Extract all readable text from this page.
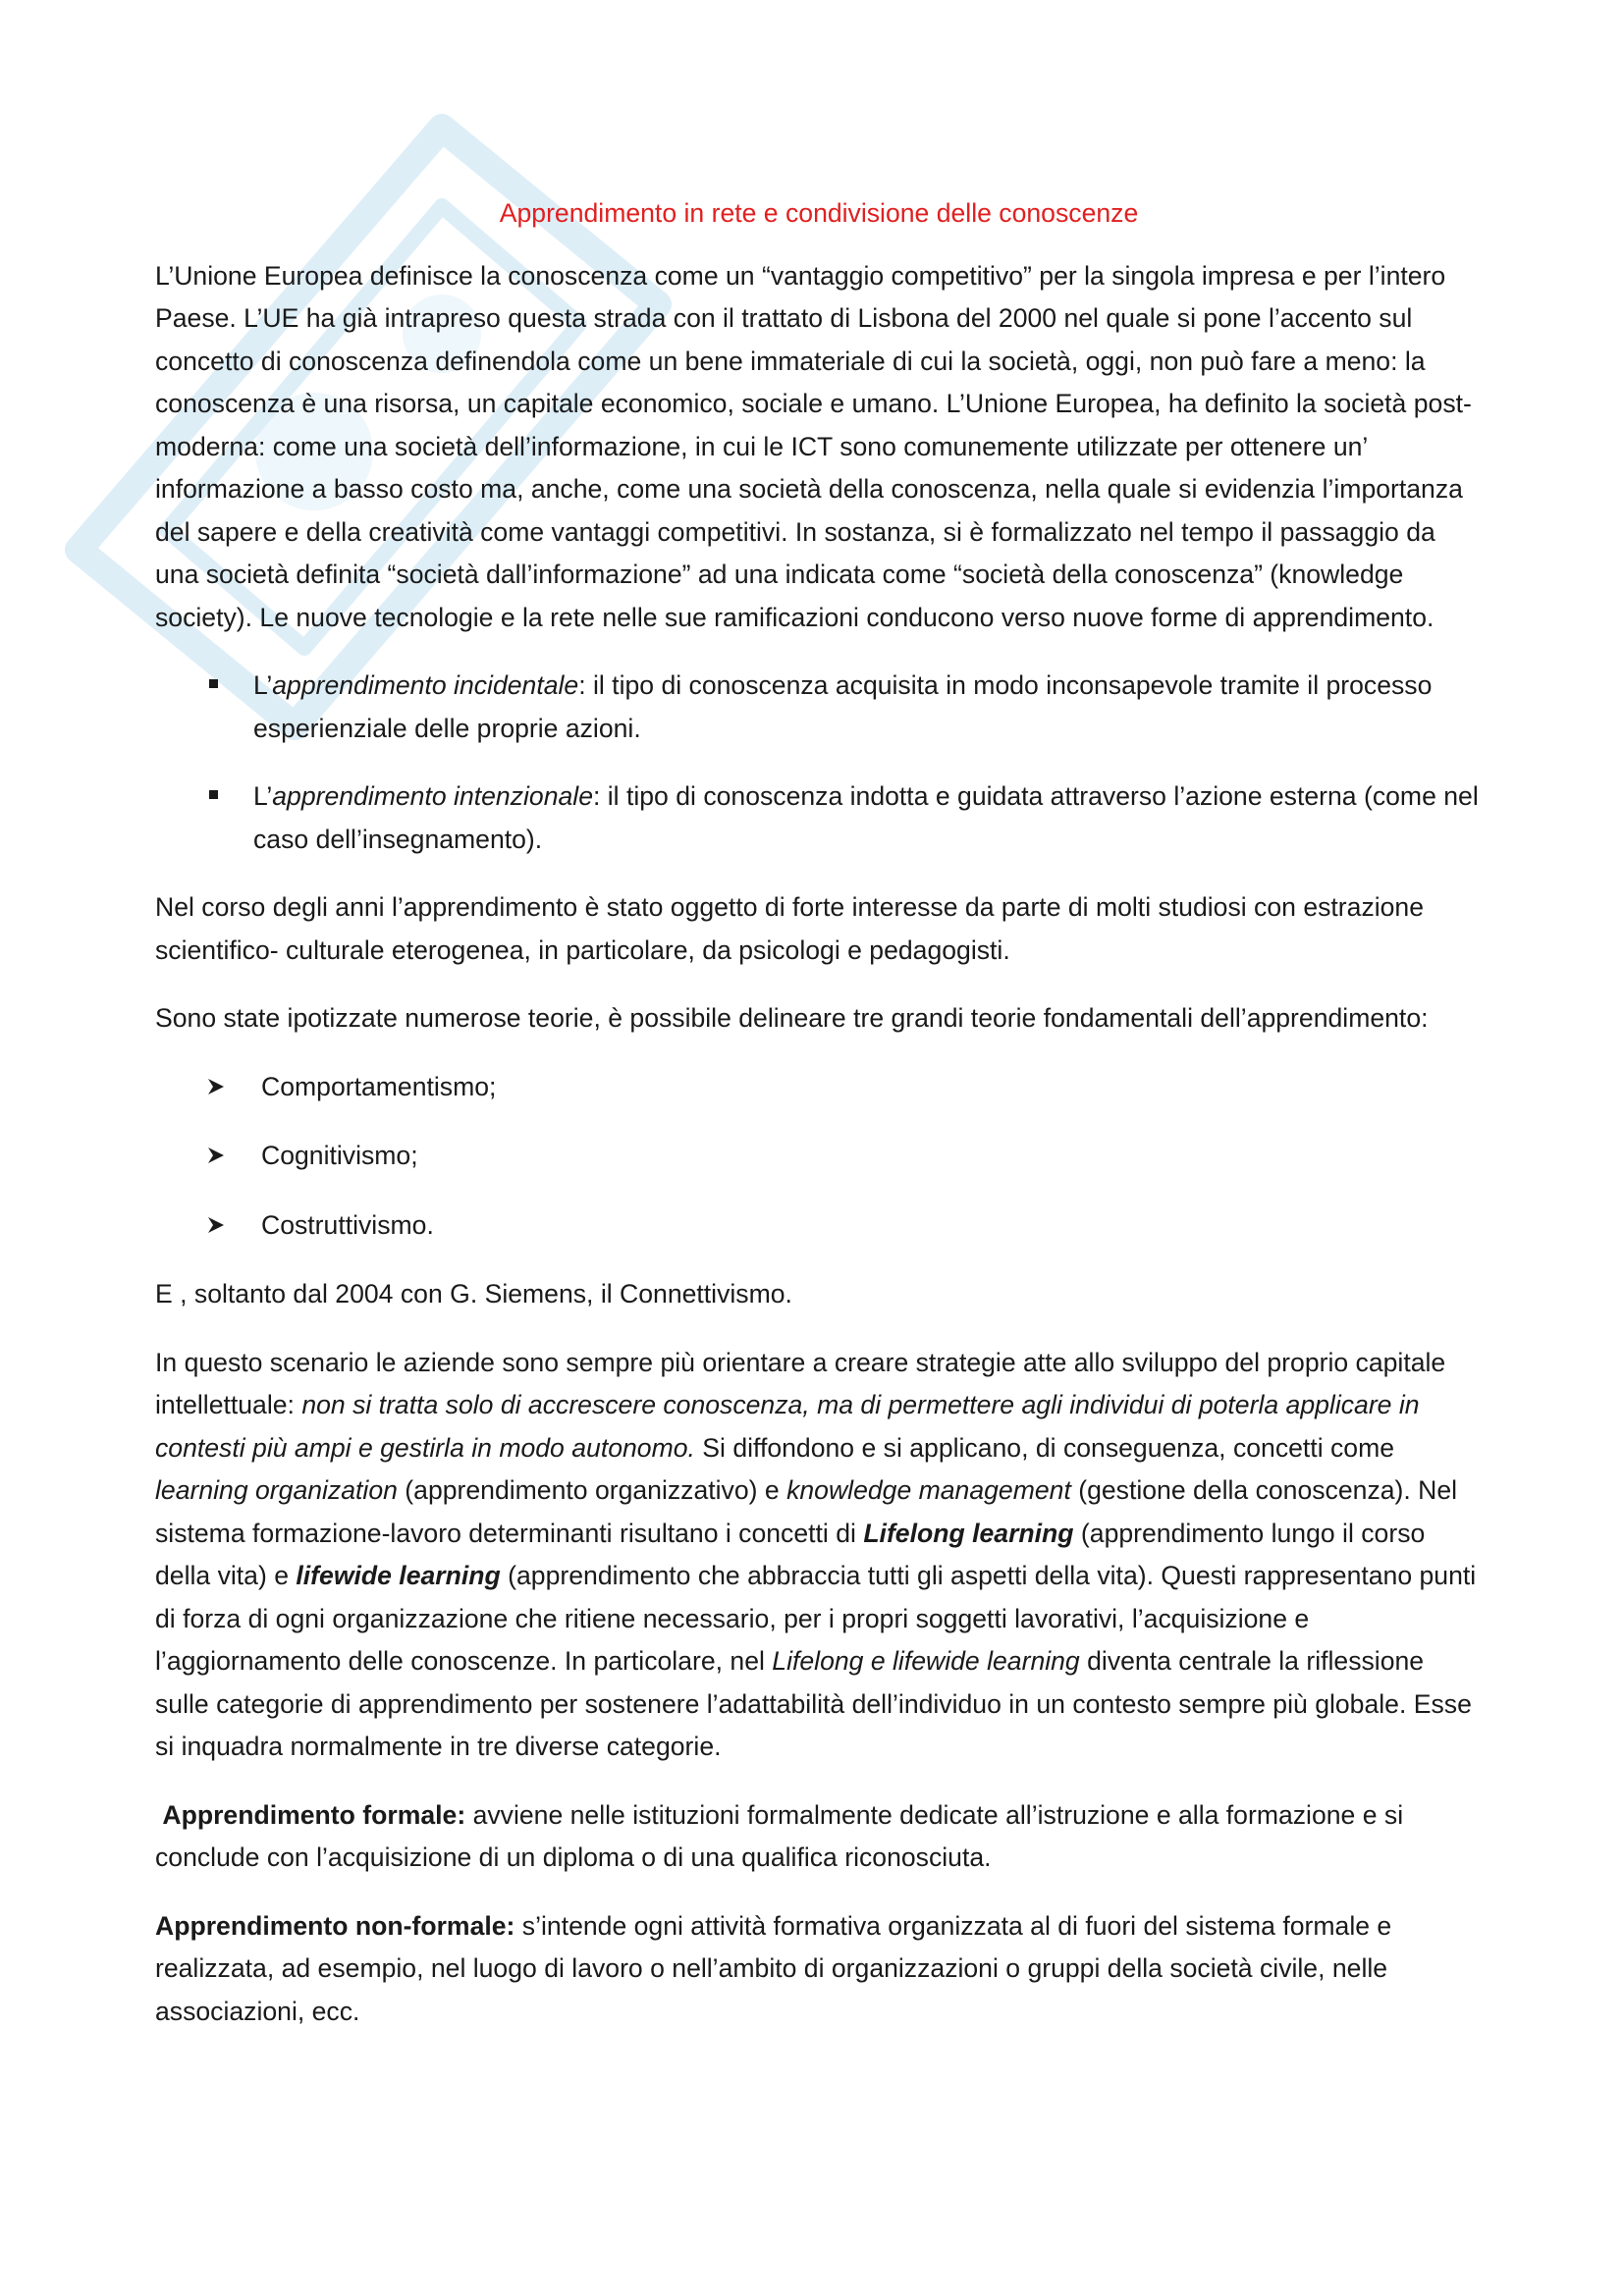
Apprendimento in rete e condivisione delle conoscenze

L’Unione Europea definisce la conoscenza come un “vantaggio competitivo” per la singola impresa e per l’intero Paese. L’UE ha già intrapreso questa strada con il trattato di Lisbona del 2000 nel quale si pone l’accento sul concetto di conoscenza definendola come un bene immateriale di cui la società, oggi, non può fare a meno: la conoscenza è una risorsa, un capitale economico, sociale e umano. L’Unione Europea, ha definito la società post-moderna: come una società dell’informazione, in cui le ICT sono comunemente utilizzate per ottenere un’ informazione a basso costo ma, anche, come una società della conoscenza, nella quale si evidenzia l’importanza del sapere e della creatività come vantaggi competitivi. In sostanza, si è formalizzato nel tempo il passaggio da una società definita “società dall’informazione” ad una indicata come “società della conoscenza” (knowledge society). Le nuove tecnologie e la rete nelle sue ramificazioni conducono verso nuove forme di apprendimento.

L’apprendimento incidentale: il tipo di conoscenza acquisita in modo inconsapevole tramite il processo esperienziale delle proprie azioni.
L’apprendimento intenzionale: il tipo di conoscenza indotta e guidata attraverso l’azione esterna (come nel caso dell’insegnamento).

Nel corso degli anni l’apprendimento è stato oggetto di forte interesse da parte di molti studiosi con estrazione scientifico- culturale eterogenea, in particolare, da psicologi e pedagogisti.

Sono state ipotizzate numerose teorie, è possibile delineare tre grandi teorie fondamentali dell’apprendimento:

Comportamentismo;
Cognitivismo;
Costruttivismo.

E , soltanto dal 2004 con G. Siemens, il Connettivismo.

In questo scenario le aziende sono sempre più orientare a creare strategie atte allo sviluppo del proprio capitale intellettuale: non si tratta solo di accrescere conoscenza, ma di permettere agli individui di poterla applicare in contesti più ampi e gestirla in modo autonomo. Si diffondono e si applicano, di conseguenza, concetti come learning organization (apprendimento organizzativo) e knowledge management (gestione della conoscenza). Nel sistema formazione-lavoro determinanti risultano i concetti di Lifelong learning (apprendimento lungo il corso della vita) e lifewide learning (apprendimento che abbraccia tutti gli aspetti della vita). Questi rappresentano punti di forza di ogni organizzazione che ritiene necessario, per i propri soggetti lavorativi, l’acquisizione e l’aggiornamento delle conoscenze. In particolare, nel Lifelong e lifewide learning diventa centrale la riflessione sulle categorie di apprendimento per sostenere l’adattabilità dell’individuo in un contesto sempre più globale. Esse si inquadra normalmente in tre diverse categorie.

Apprendimento formale: avviene nelle istituzioni formalmente dedicate all’istruzione e alla formazione e si conclude con l’acquisizione di un diploma o di una qualifica riconosciuta.

Apprendimento non-formale: s’intende ogni attività formativa organizzata al di fuori del sistema formale e realizzata, ad esempio, nel luogo di lavoro o nell’ambito di organizzazioni o gruppi della società civile, nelle associazioni, ecc.
